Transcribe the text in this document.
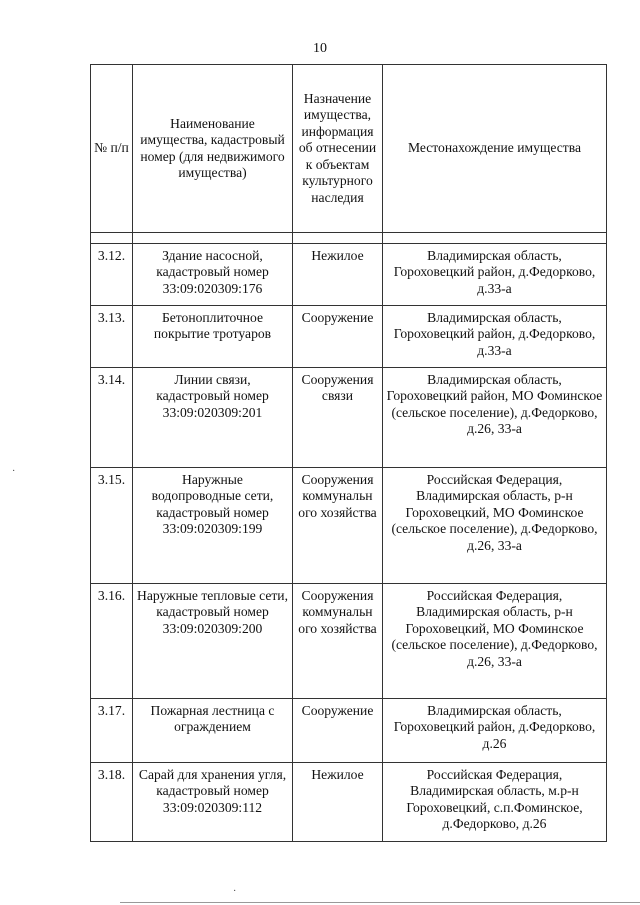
10
№ п/п	Наименование имущества, кадастровый номер (для недвижимого имущества)	Назначение имущества, информация об отнесении к объектам культурного наследия	Местонахождение имущества

3.12.	Здание насосной, кадастровый номер 33:09:020309:176	Нежилое	Владимирская область, Гороховецкий район, д.Федорково, д.33-а
3.13.	Бетоноплиточное покрытие тротуаров	Сооружение	Владимирская область, Гороховецкий район, д.Федорково, д.33-а
3.14.	Линии связи, кадастровый номер 33:09:020309:201	Сооружения связи	Владимирская область, Гороховецкий район, МО Фоминское (сельское поселение), д.Федорково, д.26, 33-а
3.15.	Наружные водопроводные сети, кадастровый номер 33:09:020309:199	Сооружения коммунальн ого хозяйства	Российская Федерация, Владимирская область, р-н Гороховецкий, МО Фоминское (сельское поселение), д.Федорково, д.26, 33-а
3.16.	Наружные тепловые сети, кадастровый номер 33:09:020309:200	Сооружения коммунальн ого хозяйства	Российская Федерация, Владимирская область, р-н Гороховецкий, МО Фоминское (сельское поселение), д.Федорково, д.26, 33-а
3.17.	Пожарная лестница с ограждением	Сооружение	Владимирская область, Гороховецкий район, д.Федорково, д.26
3.18.	Сарай для хранения угля, кадастровый номер 33:09:020309:112	Нежилое	Российская Федерация, Владимирская область, м.р-н Гороховецкий, с.п.Фоминское, д.Федорково, д.26
·
·
